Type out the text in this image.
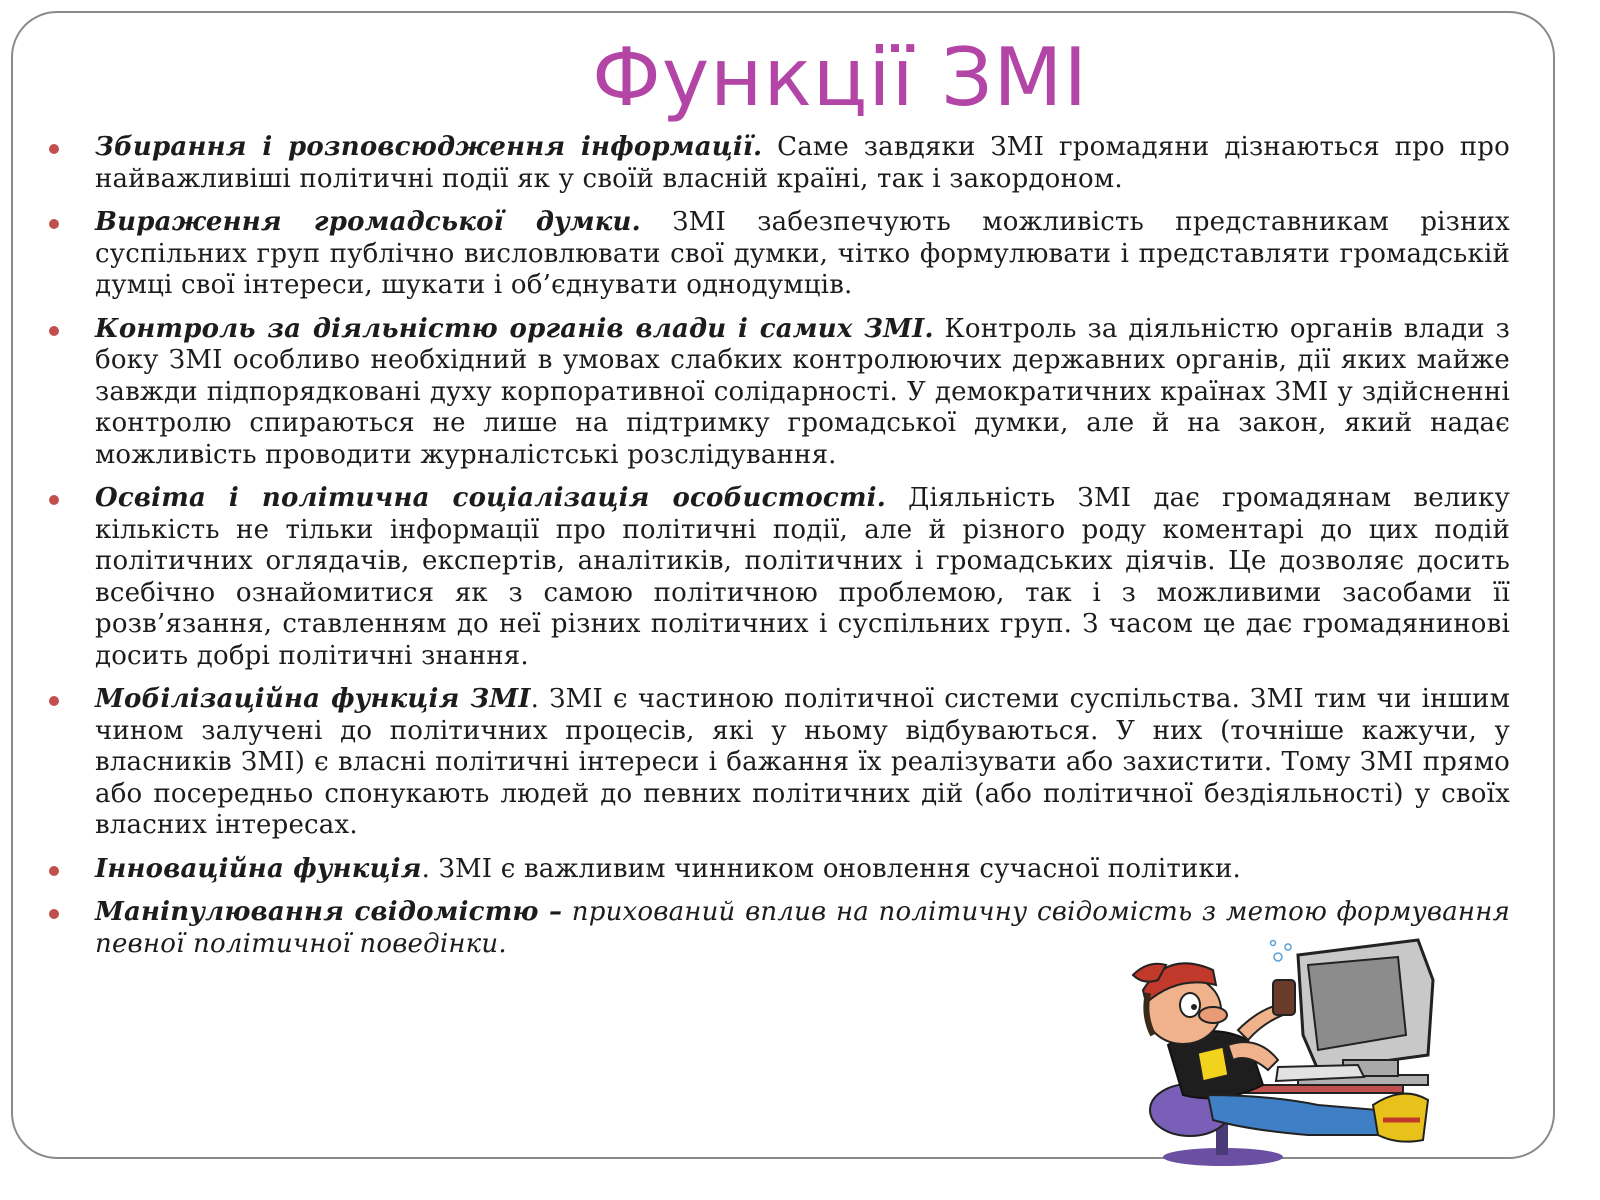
Функції ЗМІ
Збирання і розповсюдження інформації. Саме завдяки ЗМІ громадяни дізнаються про про найважливіші політичні події як у своїй власній країні, так і закордоном.
Вираження громадської думки. ЗМІ забезпечують можливість представникам різних суспільних груп публічно висловлювати свої думки, чітко формулювати і представляти громадській думці свої інтереси, шукати і об’єднувати однодумців.
Контроль за діяльністю органів влади і самих ЗМІ. Контроль за діяльністю органів влади з боку ЗМІ особливо необхідний в умовах слабких контролюючих державних органів, дії яких майже завжди підпорядковані духу корпоративної солідарності. У демократичних країнах ЗМІ у здійсненні контролю спираються не лише на підтримку громадської думки, але й на закон, який надає можливість проводити журналістські розслідування.
Освіта і політична соціалізація особистості. Діяльність ЗМІ дає громадянам велику кількість не тільки інформації про політичні події, але й різного роду коментарі до цих подій політичних оглядачів, експертів, аналітиків, політичних і громадських діячів. Це дозволяє досить всебічно ознайомитися як з самою політичною проблемою, так і з можливими засобами її розв’язання, ставленням до неї різних політичних і суспільних груп. З часом це дає громадянинові досить добрі політичні знання.
Мобілізаційна функція ЗМІ. ЗМІ є частиною політичної системи суспільства. ЗМІ тим чи іншим чином залучені до політичних процесів, які у ньому відбуваються. У них (точніше кажучи, у власників ЗМІ) є власні політичні інтереси і бажання їх реалізувати або захистити. Тому ЗМІ прямо або посередньо спонукають людей до певних політичних дій (або політичної бездіяльності) у своїх власних інтересах.
Інноваційна функція. ЗМІ є важливим чинником оновлення сучасної політики.
Маніпулювання свідомістю – прихований вплив на політичну свідомість з метою формування певної політичної поведінки.
